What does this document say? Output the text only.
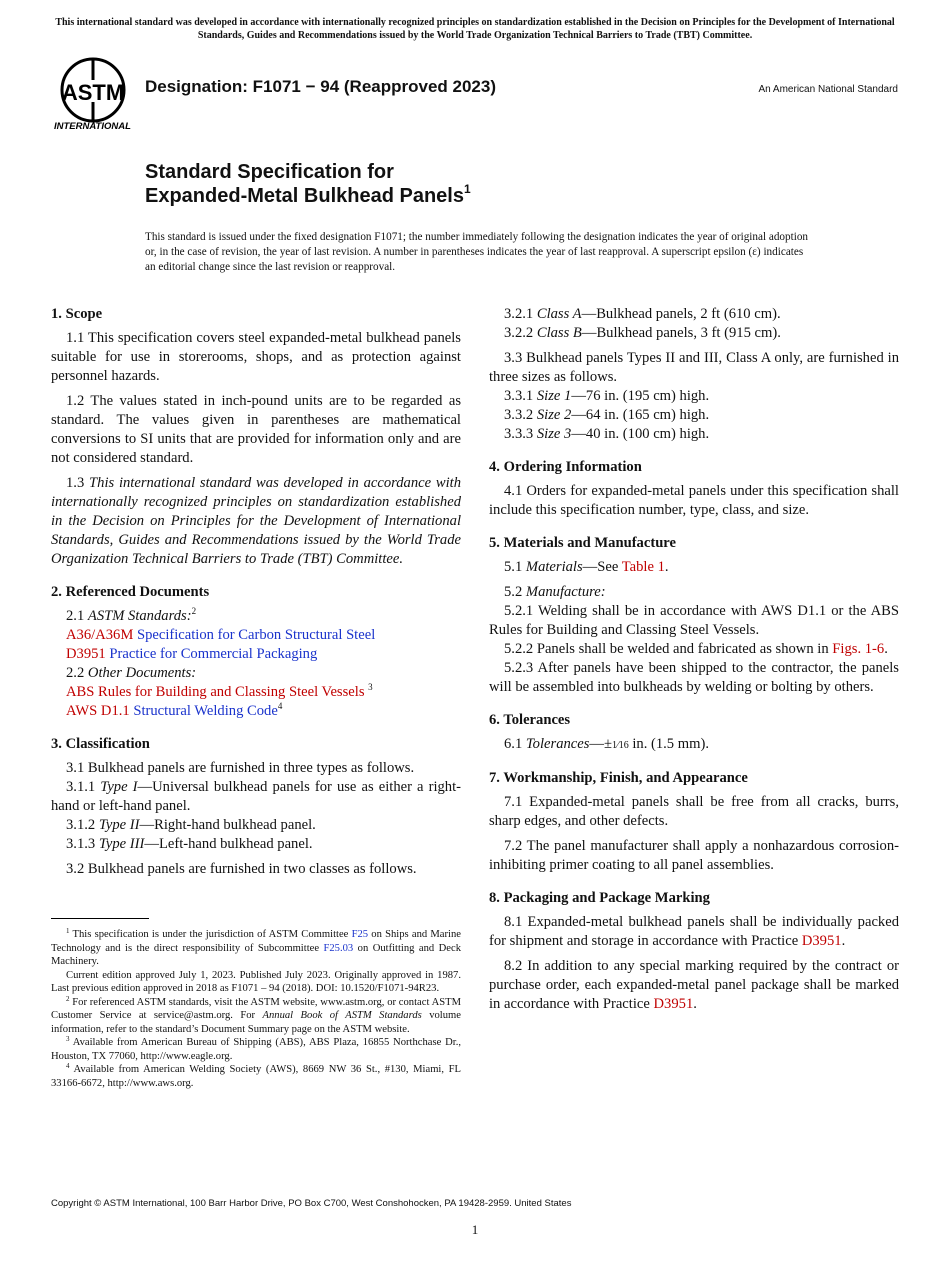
This international standard was developed in accordance with internationally recognized principles on standardization established in the Decision on Principles for the Development of International Standards, Guides and Recommendations issued by the World Trade Organization Technical Barriers to Trade (TBT) Committee.
ASTM
INTERNATIONAL
Designation: F1071 − 94 (Reapproved 2023)	An American National Standard
Standard Specification for
Expanded-Metal Bulkhead Panels$^1$
This standard is issued under the fixed designation F1071; the number immediately following the designation indicates the year of original adoption or, in the case of revision, the year of last revision. A number in parentheses indicates the year of last reapproval. A superscript epsilon (ε) indicates an editorial change since the last revision or reapproval.
1. Scope

1.1 This specification covers steel expanded-metal bulkhead panels suitable for use in storerooms, shops, and as protection against personnel hazards.

1.2 The values stated in inch-pound units are to be regarded as standard. The values given in parentheses are mathematical conversions to SI units that are provided for information only and are not considered standard.

1.3 This international standard was developed in accordance with internationally recognized principles on standardization established in the Decision on Principles for the Development of International Standards, Guides and Recommendations issued by the World Trade Organization Technical Barriers to Trade (TBT) Committee.

2. Referenced Documents
2.1 ASTM Standards:$^2$
A36/A36M Specification for Carbon Structural Steel
D3951 Practice for Commercial Packaging
2.2 Other Documents:
ABS Rules for Building and Classing Steel Vessels $^3$
AWS D1.1 Structural Welding Code$^4$
3. Classification

3.1 Bulkhead panels are furnished in three types as follows.

3.1.1 Type I—Universal bulkhead panels for use as either a right-hand or left-hand panel.

3.1.2 Type II—Right-hand bulkhead panel.

3.1.3 Type III—Left-hand bulkhead panel.

3.2 Bulkhead panels are furnished in two classes as follows.

3.2.1 Class A—Bulkhead panels, 2 ft (610 cm).

3.2.2 Class B—Bulkhead panels, 3 ft (915 cm).

3.3 Bulkhead panels Types II and III, Class A only, are furnished in three sizes as follows.

3.3.1 Size 1—76 in. (195 cm) high.

3.3.2 Size 2—64 in. (165 cm) high.

3.3.3 Size 3—40 in. (100 cm) high.

4. Ordering Information

4.1 Orders for expanded-metal panels under this specification shall include this specification number, type, class, and size.

5. Materials and Manufacture

5.1 Materials—See Table 1.

5.2 Manufacture:

5.2.1 Welding shall be in accordance with AWS D1.1 or the ABS Rules for Building and Classing Steel Vessels.

5.2.2 Panels shall be welded and fabricated as shown in Figs. 1-6.

5.2.3 After panels have been shipped to the contractor, the panels will be assembled into bulkheads by welding or bolting by others.

6. Tolerances

6.1 Tolerances—±1⁄16 in. (1.5 mm).

7. Workmanship, Finish, and Appearance

7.1 Expanded-metal panels shall be free from all cracks, burrs, sharp edges, and other defects.

7.2 The panel manufacturer shall apply a nonhazardous corrosion-inhibiting primer coating to all panel assemblies.

8. Packaging and Package Marking

8.1 Expanded-metal bulkhead panels shall be individually packed for shipment and storage in accordance with Practice D3951.

8.2 In addition to any special marking required by the contract or purchase order, each expanded-metal panel package shall be marked in accordance with Practice D3951.

$^1$ This specification is under the jurisdiction of ASTM Committee F25 on Ships and Marine Technology and is the direct responsibility of Subcommittee F25.03 on Outfitting and Deck Machinery.

Current edition approved July 1, 2023. Published July 2023. Originally approved in 1987. Last previous edition approved in 2018 as F1071 – 94 (2018). DOI: 10.1520/F1071-94R23.

$^2$ For referenced ASTM standards, visit the ASTM website, www.astm.org, or contact ASTM Customer Service at service@astm.org. For Annual Book of ASTM Standards volume information, refer to the standard’s Document Summary page on the ASTM website.

$^3$ Available from American Bureau of Shipping (ABS), ABS Plaza, 16855 Northchase Dr., Houston, TX 77060, http://www.eagle.org.

$^4$ Available from American Welding Society (AWS), 8669 NW 36 St., #130, Miami, FL 33166-6672, http://www.aws.org.

Copyright © ASTM International, 100 Barr Harbor Drive, PO Box C700, West Conshohocken, PA 19428-2959. United States
1
